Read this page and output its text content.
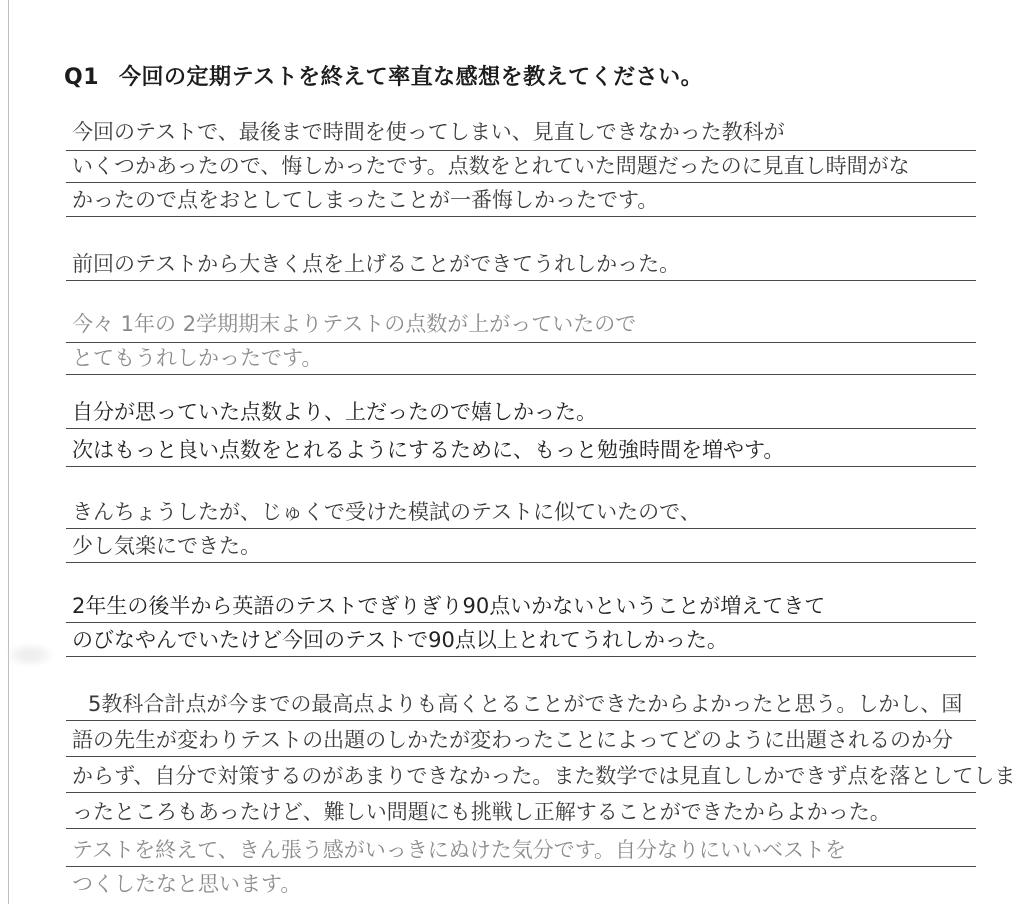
Q1 今回の定期テストを終えて率直な感想を教えてください。
今回のテストで、最後まで時間を使ってしまい、見直しできなかった教科が
いくつかあったので、悔しかったです。点数をとれていた問題だったのに見直し時間がな
かったので点をおとしてしまったことが一番悔しかったです。
前回のテストから大きく点を上げることができてうれしかった。
今々 1年の 2学期期末よりテストの点数が上がっていたので
とてもうれしかったです。
自分が思っていた点数より、上だったので嬉しかった。
次はもっと良い点数をとれるようにするために、もっと勉強時間を増やす。
きんちょうしたが、じゅくで受けた模試のテストに似ていたので、
少し気楽にできた。
2年生の後半から英語のテストでぎりぎり90点いかないということが増えてきて
のびなやんでいたけど今回のテストで90点以上とれてうれしかった。
5教科合計点が今までの最高点よりも高くとることができたからよかったと思う。しかし、国
語の先生が変わりテストの出題のしかたが変わったことによってどのように出題されるのか分
からず、自分で対策するのがあまりできなかった。また数学では見直ししかできず点を落としてしま
ったところもあったけど、難しい問題にも挑戦し正解することができたからよかった。
テストを終えて、きん張う感がいっきにぬけた気分です。自分なりにいいベストを
つくしたなと思います。
